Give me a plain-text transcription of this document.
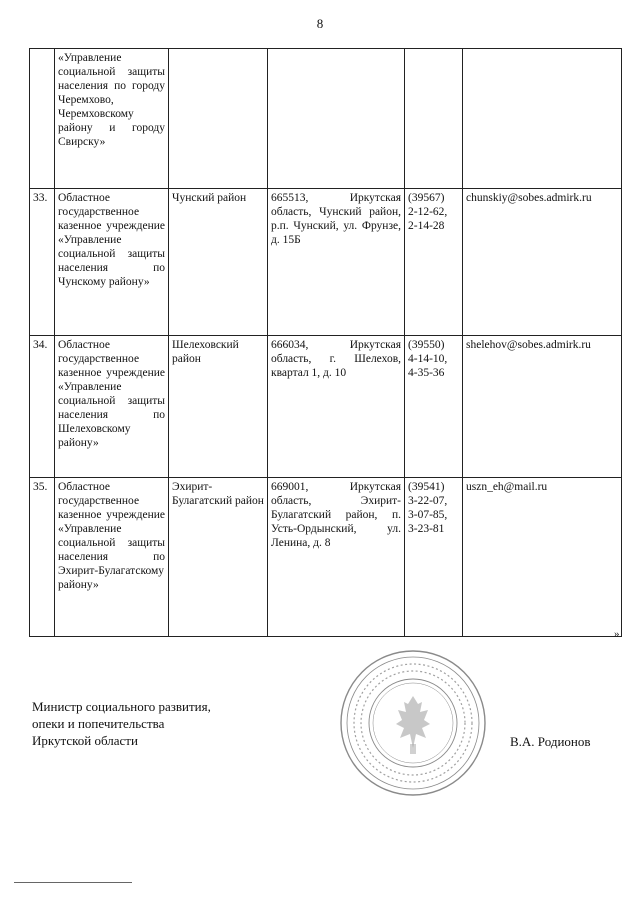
8
	«Управление социальной защиты населения по городу Черемхово, Черемховскому району и городу Свирску»				
33.	Областное государственное казенное учреждение «Управление социальной защиты населения по Чунскому району»	Чунский район	665513, Иркутская область, Чунский район, р.п. Чунский, ул. Фрунзе, д. 15Б	(39567)
2-12-62,
2-14-28	chunskiy@sobes.admirk.ru
34.	Областное государственное казенное учреждение «Управление социальной защиты населения по Шелеховскому району»	Шелеховский район	666034, Иркутская область, г. Шелехов, квартал 1, д. 10	(39550)
4-14-10,
4-35-36	shelehov@sobes.admirk.ru
35.	Областное государственное казенное учреждение «Управление социальной защиты населения по Эхирит-Булагатскому району»	Эхирит-Булагатский район	669001, Иркутская область, Эхирит-Булагатский район, п. Усть-Ордынский, ул. Ленина, д. 8	(39541)
3-22-07,
3-07-85,
3-23-81	uszn_eh@mail.ru
»
Министр социального развития,
опеки и попечительства
Иркутской области	В.А. Родионов
